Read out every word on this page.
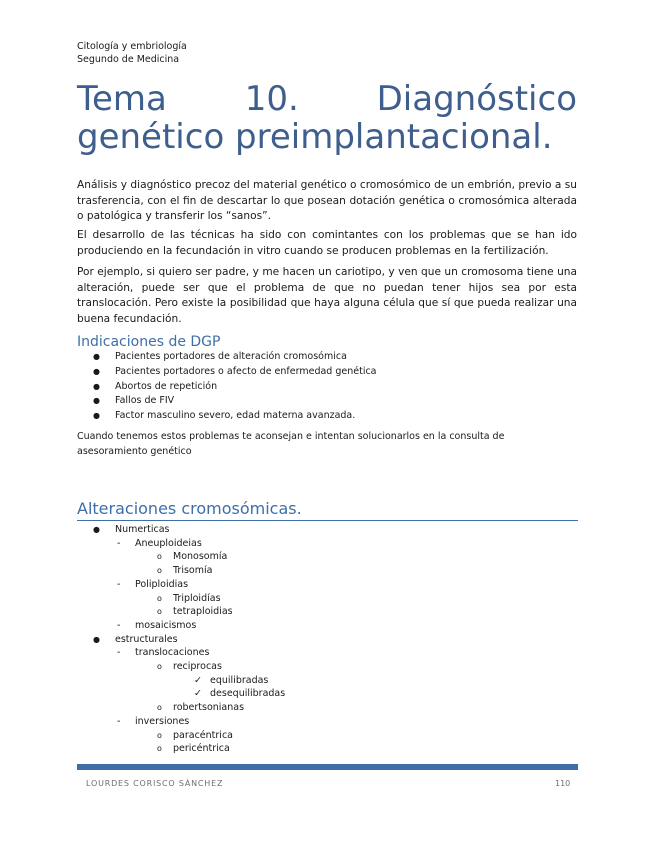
Citología y embriología
Segundo de Medicina
Tema 10. Diagnóstico genético preimplantacional.

Análisis y diagnóstico precoz del material genético o cromosómico de un embrión, previo a su trasferencia, con el fin de descartar lo que posean dotación genética o cromosómica alterada o patológica y transferir los “sanos”.

El desarrollo de las técnicas ha sido con comintantes con los problemas que se han ido produciendo en la fecundación in vitro cuando se producen problemas en la fertilización.

Por ejemplo, si quiero ser padre, y me hacen un cariotipo, y ven que un cromosoma tiene una alteración, puede ser que el problema de que no puedan tener hijos sea por esta translocación. Pero existe la posibilidad que haya alguna célula que sí que pueda realizar una buena fecundación.

Indicaciones de DGP
● Pacientes portadores de alteración cromosómica
● Pacientes portadores o afecto de enfermedad genética
● Abortos de repetición
● Fallos de FIV
● Factor masculino severo, edad materna avanzada.

Cuando tenemos estos problemas te aconsejan e intentan solucionarlos en la consulta de asesoramiento genético

Alteraciones cromosómicas.
● Numerticas
- Aneuploideias
o Monosomía
o Trisomía
- Poliploidias
o Triploidías
o tetraploidias
- mosaicismos
● estructurales
- translocaciones
o reciprocas
✓ equilibradas
✓ desequilibradas
o robertsonianas
- inversiones
o paracéntrica
o pericéntrica
LOURDES CORISCO SÁNCHEZ	110
